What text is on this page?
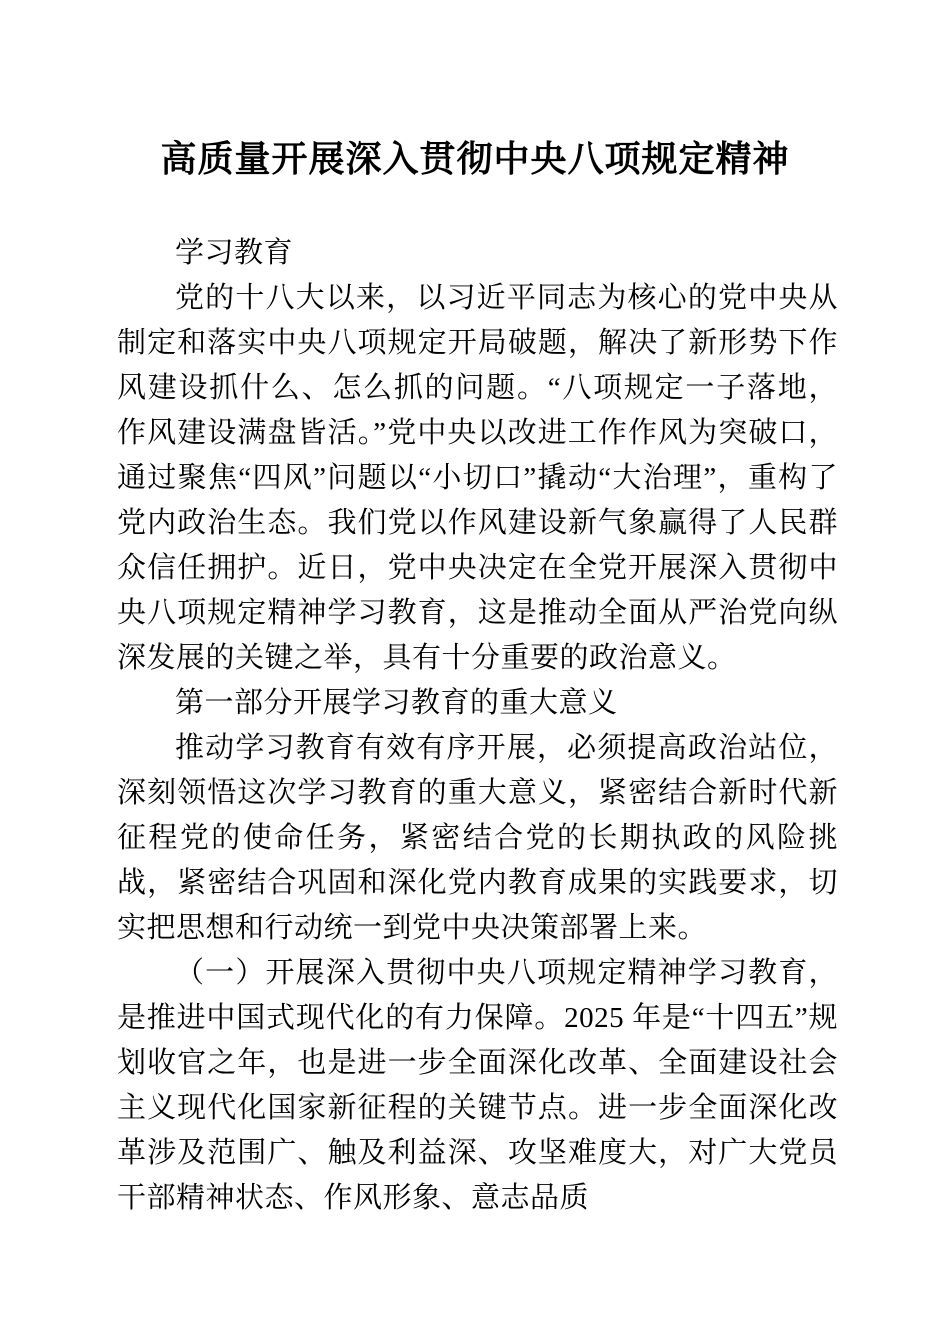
高质量开展深入贯彻中央八项规定精神

学习教育

党的十八大以来，以习近平同志为核心的党中央从制定和落实中央八项规定开局破题，解决了新形势下作风建设抓什么、怎么抓的问题。“八项规定一子落地，作风建设满盘皆活。”党中央以改进工作作风为突破口，通过聚焦“四风”问题以“小切口”撬动“大治理”，重构了党内政治生态。我们党以作风建设新气象赢得了人民群众信任拥护。近日，党中央决定在全党开展深入贯彻中央八项规定精神学习教育，这是推动全面从严治党向纵深发展的关键之举，具有十分重要的政治意义。

第一部分开展学习教育的重大意义

推动学习教育有效有序开展，必须提高政治站位，深刻领悟这次学习教育的重大意义，紧密结合新时代新征程党的使命任务，紧密结合党的长期执政的风险挑战，紧密结合巩固和深化党内教育成果的实践要求，切实把思想和行动统一到党中央决策部署上来。

（一）开展深入贯彻中央八项规定精神学习教育，是推进中国式现代化的有力保障。2025 年是“十四五”规划收官之年，也是进一步全面深化改革、全面建设社会主义现代化国家新征程的关键节点。进一步全面深化改革涉及范围广、触及利益深、攻坚难度大，对广大党员干部精神状态、作风形象、意志品质
